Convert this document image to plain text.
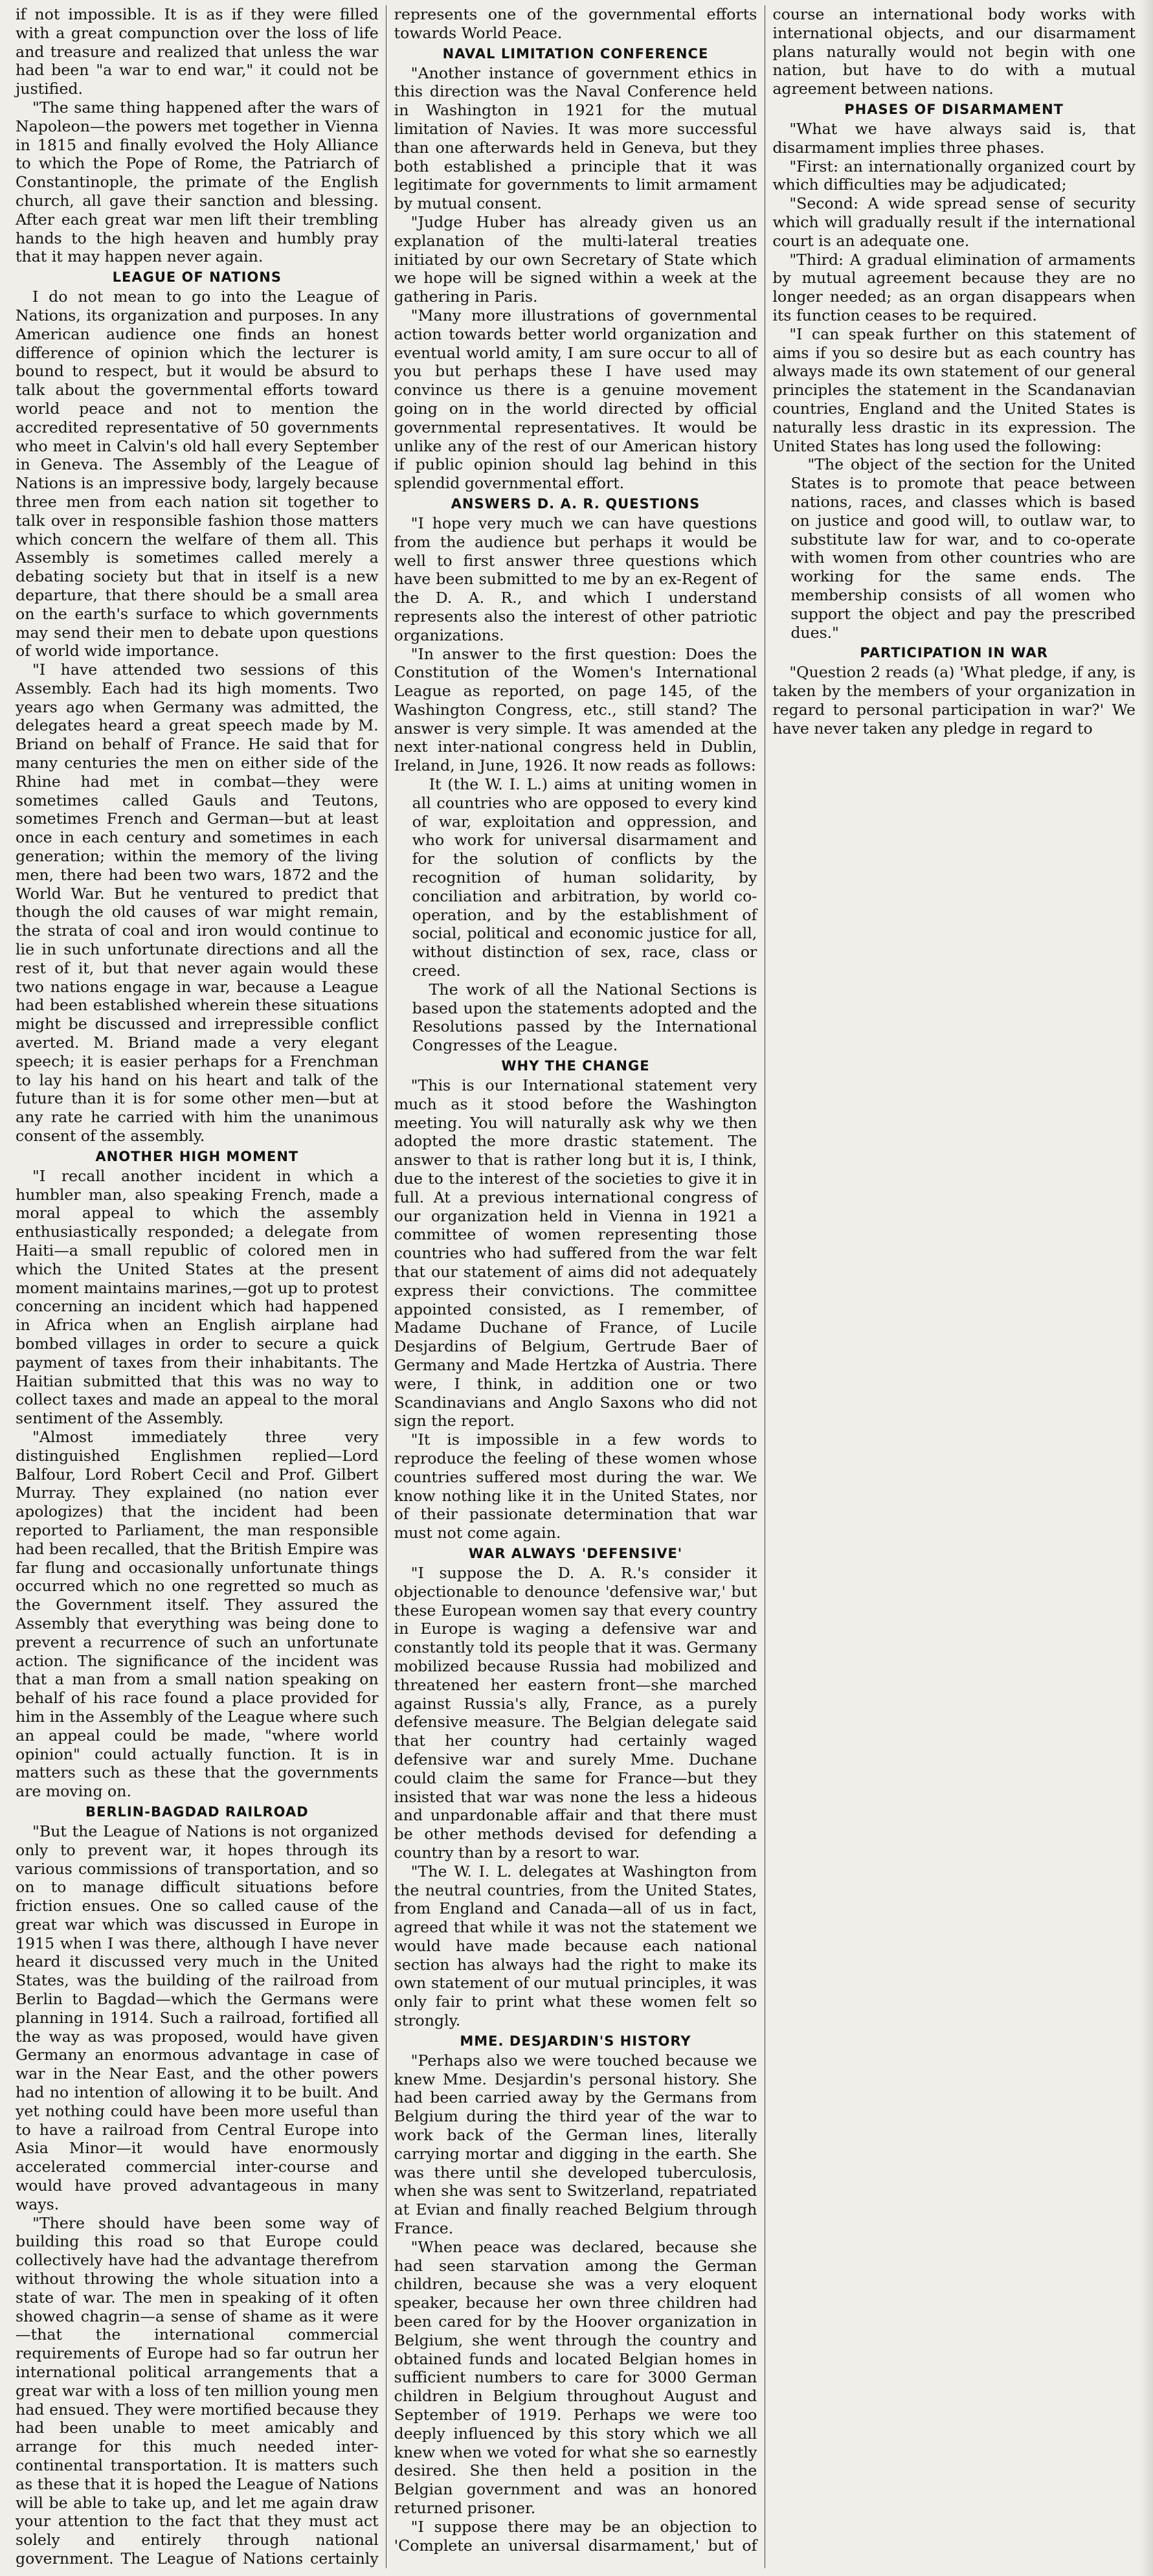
if not impossible. It is as if they were filled with a great compunction over the loss of life and treasure and realized that unless the war had been "a war to end war," it could not be justified.

"The same thing happened after the wars of Napoleon—the powers met together in Vienna in 1815 and finally evolved the Holy Alliance to which the Pope of Rome, the Patriarch of Constantinople, the primate of the English church, all gave their sanction and blessing. After each great war men lift their trembling hands to the high heaven and humbly pray that it may happen never again.

LEAGUE OF NATIONS

I do not mean to go into the League of Nations, its organization and purposes. In any American audience one finds an honest difference of opinion which the lecturer is bound to respect, but it would be absurd to talk about the governmental efforts toward world peace and not to mention the accredited representative of 50 governments who meet in Calvin's old hall every September in Geneva. The Assembly of the League of Nations is an impressive body, largely because three men from each nation sit together to talk over in responsible fashion those matters which concern the welfare of them all. This Assembly is sometimes called merely a debating society but that in itself is a new departure, that there should be a small area on the earth's surface to which governments may send their men to debate upon questions of world wide importance.

"I have attended two sessions of this Assembly. Each had its high moments. Two years ago when Germany was admitted, the delegates heard a great speech made by M. Briand on behalf of France. He said that for many centuries the men on either side of the Rhine had met in combat—they were sometimes called Gauls and Teutons, sometimes French and German—but at least once in each century and sometimes in each generation; within the memory of the living men, there had been two wars, 1872 and the World War. But he ventured to predict that though the old causes of war might remain, the strata of coal and iron would continue to lie in such unfortunate directions and all the rest of it, but that never again would these two nations engage in war, because a League had been established wherein these situations might be discussed and irrepressible conflict averted. M. Briand made a very elegant speech; it is easier perhaps for a Frenchman to lay his hand on his heart and talk of the future than it is for some other men—but at any rate he carried with him the unanimous consent of the assembly.

ANOTHER HIGH MOMENT

"I recall another incident in which a humbler man, also speaking French, made a moral appeal to which the assembly enthusiastically responded; a delegate from Haiti—a small republic of colored men in which the United States at the present moment maintains marines,—got up to protest concerning an incident which had happened in Africa when an English airplane had bombed villages in order to secure a quick payment of taxes from their inhabitants. The Haitian submitted that this was no way to collect taxes and made an appeal to the moral sentiment of the Assembly.

"Almost immediately three very distinguished Englishmen replied—Lord Balfour, Lord Robert Cecil and Prof. Gilbert Murray. They explained (no nation ever apologizes) that the incident had been reported to Parliament, the man responsible had been recalled, that the British Empire was far flung and occasionally unfortunate things occurred which no one regretted so much as the Government itself. They assured the Assembly that everything was being done to prevent a recurrence of such an unfortunate action. The significance of the incident was that a man from a small nation speaking on behalf of his race found a place provided for him in the Assembly of the League where such an appeal could be made, "where world opinion" could actually function. It is in matters such as these that the governments are moving on.

BERLIN-BAGDAD RAILROAD

"But the League of Nations is not organized only to prevent war, it hopes through its various commissions of transportation, and so on to manage difficult situations before friction ensues. One so called cause of the great war which was discussed in Europe in 1915 when I was there, although I have never heard it discussed very much in the United States, was the building of the railroad from Berlin to Bagdad—which the Germans were planning in 1914. Such a railroad, fortified all the way as was proposed, would have given Germany an enormous advantage in case of war in the Near East, and the other powers had no intention of allowing it to be built. And yet nothing could have been more useful than to have a railroad from Central Europe into Asia Minor—it would have enormously accelerated commercial inter-course and would have proved advantageous in many ways.

"There should have been some way of building this road so that Europe could collectively have had the advantage therefrom without throwing the whole situation into a state of war. The men in speaking of it often showed chagrin—a sense of shame as it were—that the international commercial requirements of Europe had so far outrun her international political arrangements that a great war with a loss of ten million young men had ensued. They were mortified because they had been unable to meet amicably and arrange for this much needed inter-continental transportation. It is matters such as these that it is hoped the League of Nations will be able to take up, and let me again draw your attention to the fact that they must act solely and entirely through national government. The League of Nations certainly represents one of the governmental efforts towards World Peace.

NAVAL LIMITATION CONFERENCE

"Another instance of government ethics in this direction was the Naval Conference held in Washington in 1921 for the mutual limitation of Navies. It was more successful than one afterwards held in Geneva, but they both established a principle that it was legitimate for governments to limit armament by mutual consent.

"Judge Huber has already given us an explanation of the multi-lateral treaties initiated by our own Secretary of State which we hope will be signed within a week at the gathering in Paris.

"Many more illustrations of governmental action towards better world organization and eventual world amity, I am sure occur to all of you but perhaps these I have used may convince us there is a genuine movement going on in the world directed by official governmental representatives. It would be unlike any of the rest of our American history if public opinion should lag behind in this splendid governmental effort.

ANSWERS D. A. R. QUESTIONS

"I hope very much we can have questions from the audience but perhaps it would be well to first answer three questions which have been submitted to me by an ex-Regent of the D. A. R., and which I understand represents also the interest of other patriotic organizations.

"In answer to the first question: Does the Constitution of the Women's International League as reported, on page 145, of the Washington Congress, etc., still stand? The answer is very simple. It was amended at the next inter-national congress held in Dublin, Ireland, in June, 1926. It now reads as follows:

It (the W. I. L.) aims at uniting women in all countries who are opposed to every kind of war, exploitation and oppression, and who work for universal disarmament and for the solution of conflicts by the recognition of human solidarity, by conciliation and arbitration, by world co-operation, and by the establishment of social, political and economic justice for all, without distinction of sex, race, class or creed.

The work of all the National Sections is based upon the statements adopted and the Resolutions passed by the International Congresses of the League.

WHY THE CHANGE

"This is our International statement very much as it stood before the Washington meeting. You will naturally ask why we then adopted the more drastic statement. The answer to that is rather long but it is, I think, due to the interest of the societies to give it in full. At a previous international congress of our organization held in Vienna in 1921 a committee of women representing those countries who had suffered from the war felt that our statement of aims did not adequately express their convictions. The committee appointed consisted, as I remember, of Madame Duchane of France, of Lucile Desjardins of Belgium, Gertrude Baer of Germany and Made Hertzka of Austria. There were, I think, in addition one or two Scandinavians and Anglo Saxons who did not sign the report.

"It is impossible in a few words to reproduce the feeling of these women whose countries suffered most during the war. We know nothing like it in the United States, nor of their passionate determination that war must not come again.

WAR ALWAYS 'DEFENSIVE'

"I suppose the D. A. R.'s consider it objectionable to denounce 'defensive war,' but these European women say that every country in Europe is waging a defensive war and constantly told its people that it was. Germany mobilized because Russia had mobilized and threatened her eastern front—she marched against Russia's ally, France, as a purely defensive measure. The Belgian delegate said that her country had certainly waged defensive war and surely Mme. Duchane could claim the same for France—but they insisted that war was none the less a hideous and unpardonable affair and that there must be other methods devised for defending a country than by a resort to war.

"The W. I. L. delegates at Washington from the neutral countries, from the United States, from England and Canada—all of us in fact, agreed that while it was not the statement we would have made because each national section has always had the right to make its own statement of our mutual principles, it was only fair to print what these women felt so strongly.

MME. DESJARDIN'S HISTORY

"Perhaps also we were touched because we knew Mme. Desjardin's personal history. She had been carried away by the Germans from Belgium during the third year of the war to work back of the German lines, literally carrying mortar and digging in the earth. She was there until she developed tuberculosis, when she was sent to Switzerland, repatriated at Evian and finally reached Belgium through France.

"When peace was declared, because she had seen starvation among the German children, because she was a very eloquent speaker, because her own three children had been cared for by the Hoover organization in Belgium, she went through the country and obtained funds and located Belgian homes in sufficient numbers to care for 3000 German children in Belgium throughout August and September of 1919. Perhaps we were too deeply influenced by this story which we all knew when we voted for what she so earnestly desired. She then held a position in the Belgian government and was an honored returned prisoner.

"I suppose there may be an objection to 'Complete an universal disarmament,' but of course an international body works with international objects, and our disarmament plans naturally would not begin with one nation, but have to do with a mutual agreement between nations.

PHASES OF DISARMAMENT

"What we have always said is, that disarmament implies three phases.

"First: an internationally organized court by which difficulties may be adjudicated;

"Second: A wide spread sense of security which will gradually result if the international court is an adequate one.

"Third: A gradual elimination of armaments by mutual agreement because they are no longer needed; as an organ disappears when its function ceases to be required.

"I can speak further on this statement of aims if you so desire but as each country has always made its own statement of our general principles the statement in the Scandanavian countries, England and the United States is naturally less drastic in its expression. The United States has long used the following:

"The object of the section for the United States is to promote that peace between nations, races, and classes which is based on justice and good will, to outlaw war, to substitute law for war, and to co-operate with women from other countries who are working for the same ends. The membership consists of all women who support the object and pay the prescribed dues."

PARTICIPATION IN WAR

"Question 2 reads (a) 'What pledge, if any, is taken by the members of your organization in regard to personal participation in war?' We have never taken any pledge in regard to
